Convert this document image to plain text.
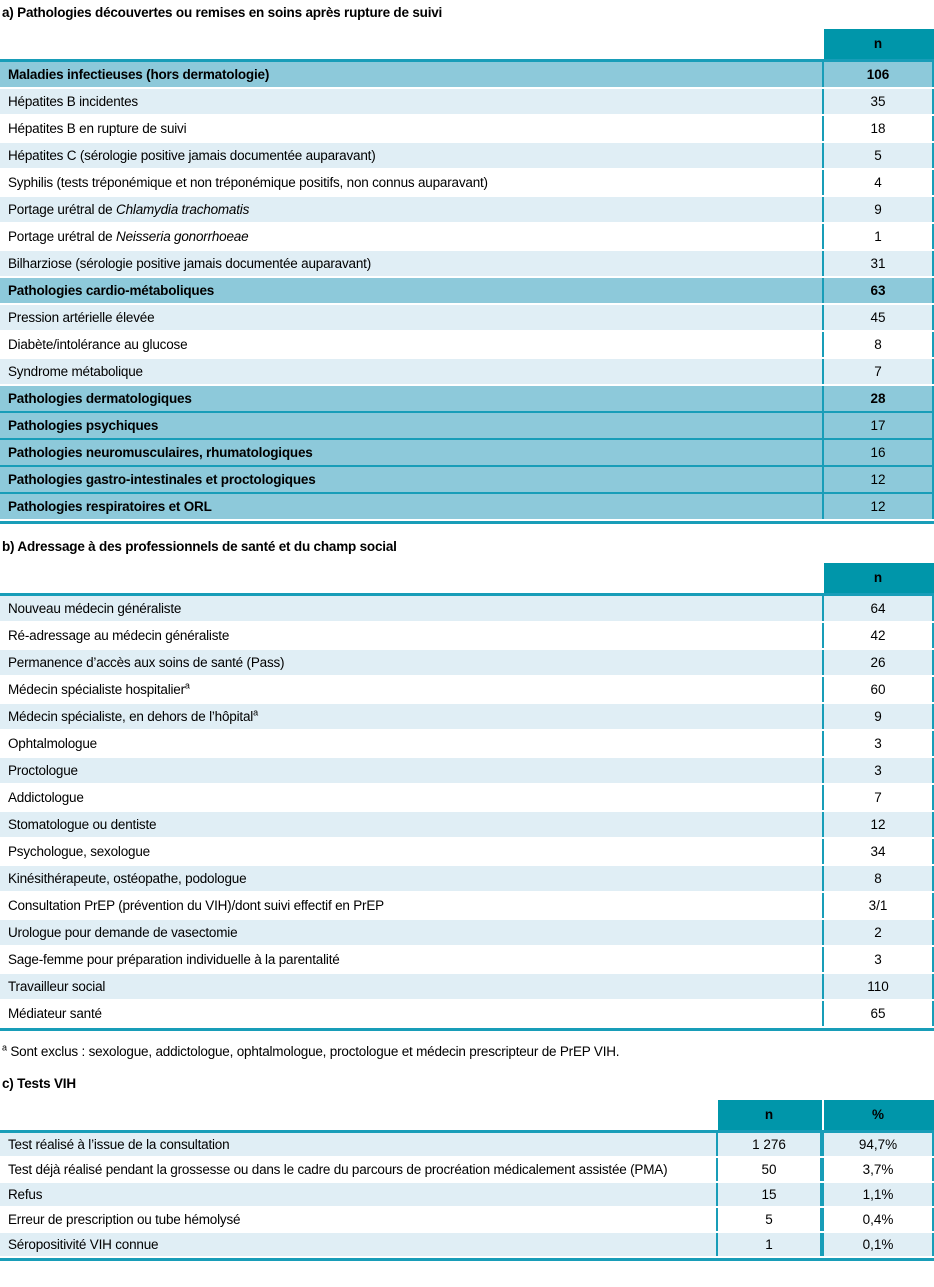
a) Pathologies découvertes ou remises en soins après rupture de suivi
n
Maladies infectieuses (hors dermatologie)	106
Hépatites B incidentes	35
Hépatites B en rupture de suivi	18
Hépatites C (sérologie positive jamais documentée auparavant)	5
Syphilis (tests tréponémique et non tréponémique positifs, non connus auparavant)	4
Portage urétral de Chlamydia trachomatis	9
Portage urétral de Neisseria gonorrhoeae	1
Bilharziose (sérologie positive jamais documentée auparavant)	31
Pathologies cardio-métaboliques	63
Pression artérielle élevée	45
Diabète/intolérance au glucose	8
Syndrome métabolique	7
Pathologies dermatologiques	28
Pathologies psychiques	17
Pathologies neuromusculaires, rhumatologiques	16
Pathologies gastro-intestinales et proctologiques	12
Pathologies respiratoires et ORL	12
b) Adressage à des professionnels de santé et du champ social
n
Nouveau médecin généraliste	64
Ré-adressage au médecin généraliste	42
Permanence d’accès aux soins de santé (Pass)	26
Médecin spécialiste hospitalier$^a$	60
Médecin spécialiste, en dehors de l’hôpital$^a$	9
Ophtalmologue	3
Proctologue	3
Addictologue	7
Stomatologue ou dentiste	12
Psychologue, sexologue	34
Kinésithérapeute, ostéopathe, podologue	8
Consultation PrEP (prévention du VIH)/dont suivi effectif en PrEP	3/1
Urologue pour demande de vasectomie	2
Sage-femme pour préparation individuelle à la parentalité	3
Travailleur social	110
Médiateur santé	65
$^a$ Sont exclus : sexologue, addictologue, ophtalmologue, proctologue et médecin prescripteur de PrEP VIH.
c) Tests VIH
n	%
Test réalisé à l’issue de la consultation	1 276	94,7%
Test déjà réalisé pendant la grossesse ou dans le cadre du parcours de procréation médicalement assistée (PMA)	50	3,7%
Refus	15	1,1%
Erreur de prescription ou tube hémolysé	5	0,4%
Séropositivité VIH connue	1	0,1%
